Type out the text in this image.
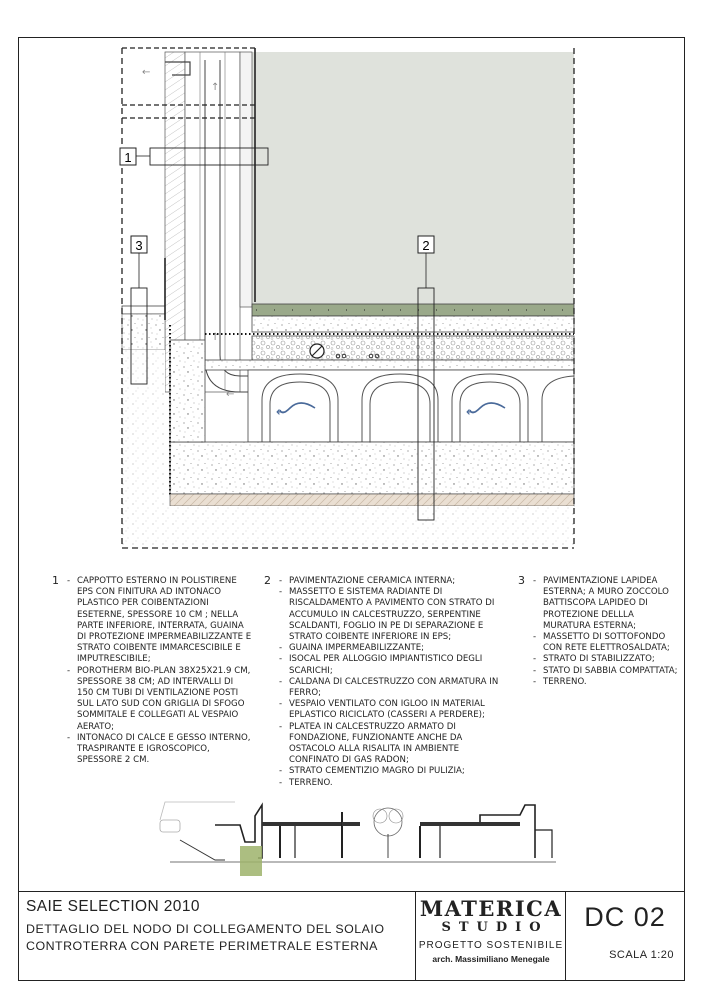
↑
↑
←
←
←	←
1
2
3
1	- CAPPOTTO ESTERNO IN POLISTIRENE EPS CON FINITURA AD INTONACO PLASTICO PER COIBENTAZIONI ESETERNE, SPESSORE 10 CM ; NELLA PARTE INFERIORE, INTERRATA, GUAINA DI PROTEZIONE IMPERMEABILIZZANTE E STRATO COIBENTE IMMARCESCIBILE E IMPUTRESCIBILE;
- POROTHERM BIO-PLAN 38X25X21.9 CM, SPESSORE 38 CM; AD INTERVALLI DI 150 CM TUBI DI VENTILAZIONE POSTI SUL LATO SUD CON GRIGLIA DI SFOGO SOMMITALE E COLLEGATI AL VESPAIO AERATO;
- INTONACO DI CALCE E GESSO INTERNO, TRASPIRANTE E IGROSCOPICO, SPESSORE 2 CM.
2	- PAVIMENTAZIONE CERAMICA INTERNA;
- MASSETTO E SISTEMA RADIANTE DI RISCALDAMENTO A PAVIMENTO CON STRATO DI ACCUMULO IN CALCESTRUZZO, SERPENTINE SCALDANTI, FOGLIO IN PE DI SEPARAZIONE E STRATO COIBENTE INFERIORE IN EPS;
- GUAINA IMPERMEABILIZZANTE;
- ISOCAL PER ALLOGGIO IMPIANTISTICO DEGLI SCARICHI;
- CALDANA DI CALCESTRUZZO CON ARMATURA IN FERRO;
- VESPAIO VENTILATO CON IGLOO IN MATERIAL EPLASTICO RICICLATO (CASSERI A PERDERE);
- PLATEA IN CALCESTRUZZO ARMATO DI FONDAZIONE, FUNZIONANTE ANCHE DA OSTACOLO ALLA RISALITA IN AMBIENTE CONFINATO DI GAS RADON;
- STRATO CEMENTIZIO MAGRO DI PULIZIA;
- TERRENO.
3	- PAVIMENTAZIONE LAPIDEA ESTERNA; A MURO ZOCCOLO BATTISCOPA LAPIDEO DI PROTEZIONE DELLLA MURATURA ESTERNA;
- MASSETTO DI SOTTOFONDO CON RETE ELETTROSALDATA;
- STRATO DI STABILIZZATO;
- STATO DI SABBIA COMPATTATA;
- TERRENO.
SAIE SELECTION 2010
DETTAGLIO DEL NODO DI COLLEGAMENTO DEL SOLAIO
CONTROTERRA CON PARETE PERIMETRALE ESTERNA
MATERICA
STUDIO
PROGETTO SOSTENIBILE
arch. Massimiliano Menegale
DC 02
SCALA 1:20
